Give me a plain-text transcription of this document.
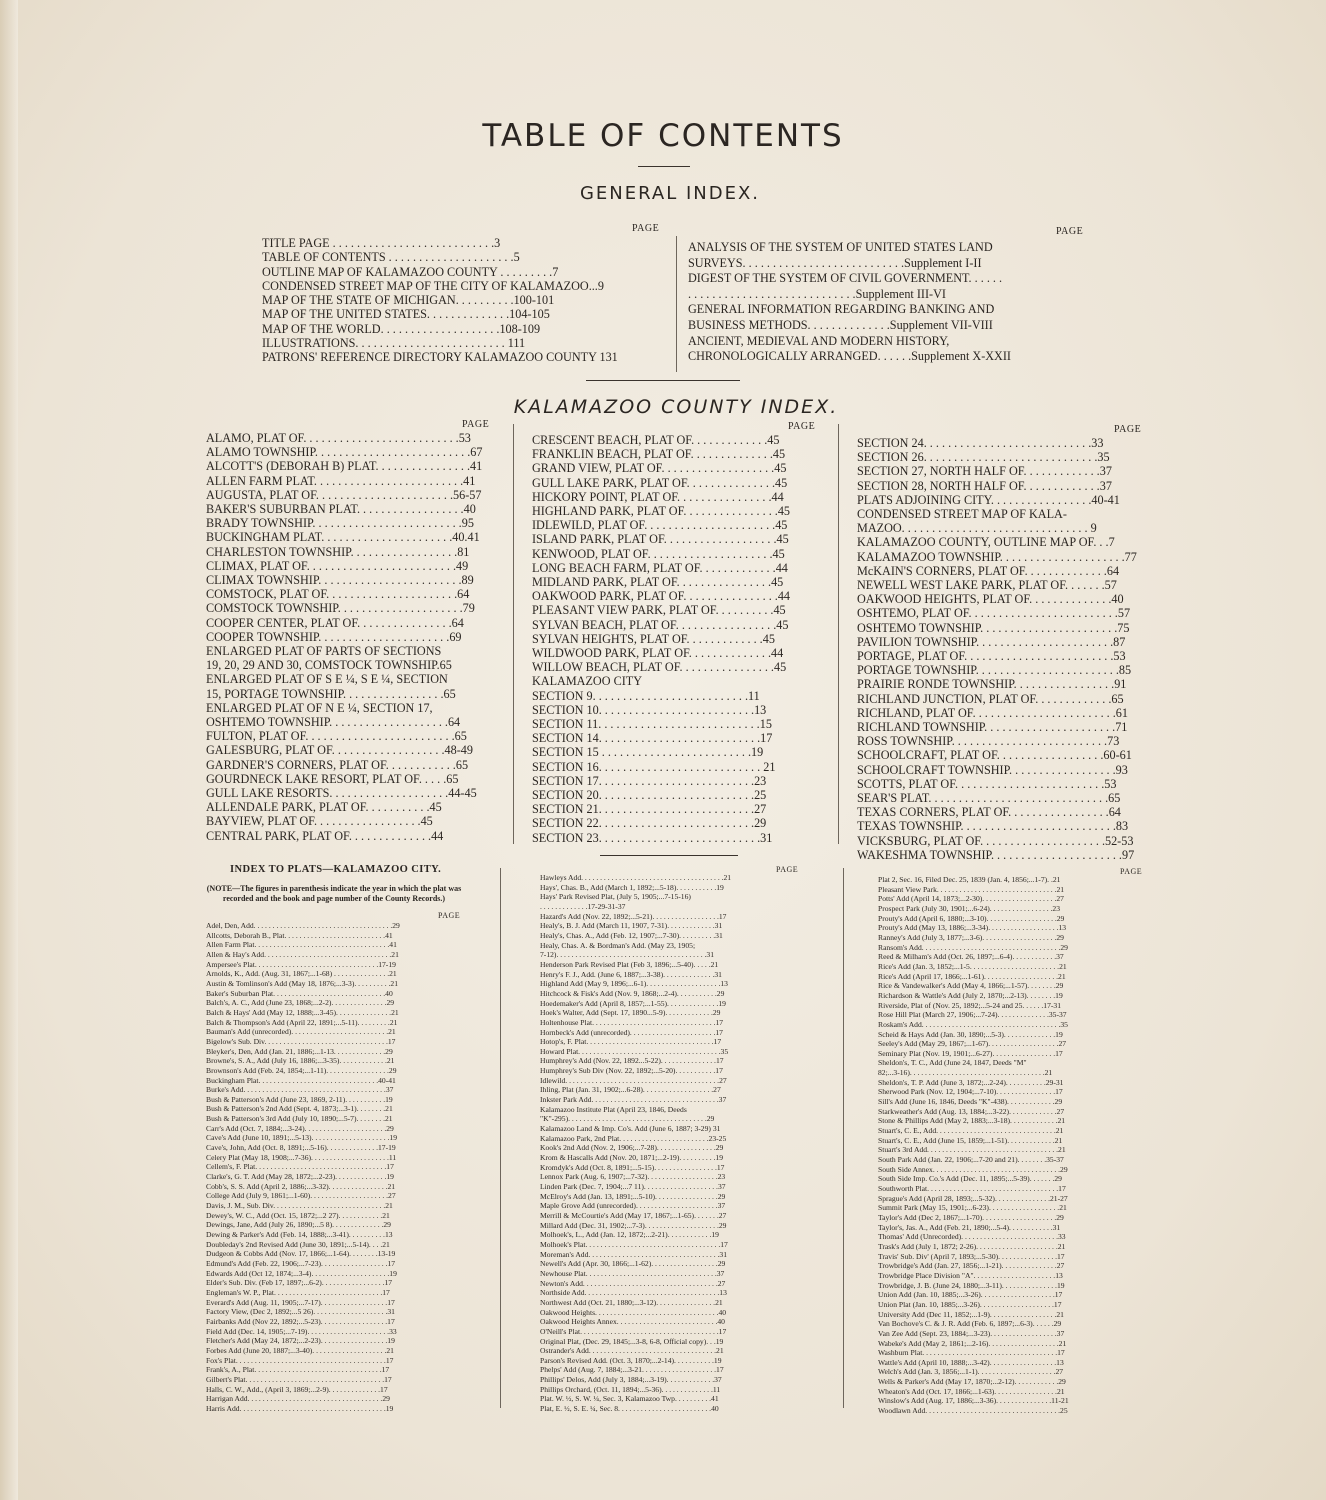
TABLE OF CONTENTS
GENERAL INDEX.
PAGE	PAGE
TITLE PAGE . . . . . . . . . . . . . . . . . . . . . . . . . . .3
TABLE OF CONTENTS . . . . . . . . . . . . . . . . . . . . .5
OUTLINE MAP OF KALAMAZOO COUNTY . . . . . . . . .7
CONDENSED STREET MAP OF THE CITY OF KALAMAZOO...9
MAP OF THE STATE OF MICHIGAN. . . . . . . . . .100-101
MAP OF THE UNITED STATES. . . . . . . . . . . . . .104-105
MAP OF THE WORLD. . . . . . . . . . . . . . . . . . . .108-109
ILLUSTRATIONS. . . . . . . . . . . . . . . . . . . . . . . . . 111
PATRONS' REFERENCE DIRECTORY KALAMAZOO COUNTY 131
ANALYSIS OF THE SYSTEM OF UNITED STATES LAND
SURVEYS. . . . . . . . . . . . . . . . . . . . . . . . . . .Supplement I-II
DIGEST OF THE SYSTEM OF CIVIL GOVERNMENT. . . . . .
. . . . . . . . . . . . . . . . . . . . . . . . . . . .Supplement III-VI
GENERAL INFORMATION REGARDING BANKING AND
BUSINESS METHODS. . . . . . . . . . . . . .Supplement VII-VIII
ANCIENT, MEDIEVAL AND MODERN HISTORY,
CHRONOLOGICALLY ARRANGED. . . . . .Supplement X-XXII
KALAMAZOO COUNTY INDEX.
PAGE	PAGE	PAGE
ALAMO, PLAT OF. . . . . . . . . . . . . . . . . . . . . . . . . .53
ALAMO TOWNSHIP. . . . . . . . . . . . . . . . . . . . . . . . . .67
ALCOTT'S (DEBORAH B) PLAT. . . . . . . . . . . . . . . .41
ALLEN FARM PLAT. . . . . . . . . . . . . . . . . . . . . . . . .41
AUGUSTA, PLAT OF. . . . . . . . . . . . . . . . . . . . . . .56-57
BAKER'S SUBURBAN PLAT. . . . . . . . . . . . . . . . . .40
BRADY TOWNSHIP. . . . . . . . . . . . . . . . . . . . . . . . .95
BUCKINGHAM PLAT. . . . . . . . . . . . . . . . . . . . . .40.41
CHARLESTON TOWNSHIP. . . . . . . . . . . . . . . . . .81
CLIMAX, PLAT OF. . . . . . . . . . . . . . . . . . . . . . . . .49
CLIMAX TOWNSHIP. . . . . . . . . . . . . . . . . . . . . . . .89
COMSTOCK, PLAT OF. . . . . . . . . . . . . . . . . . . . . .64
COMSTOCK TOWNSHIP. . . . . . . . . . . . . . . . . . . . .79
COOPER CENTER, PLAT OF. . . . . . . . . . . . . . . .64
COOPER TOWNSHIP. . . . . . . . . . . . . . . . . . . . . .69
ENLARGED PLAT OF PARTS OF SECTIONS
19, 20, 29 AND 30, COMSTOCK TOWNSHIP.65
ENLARGED PLAT OF S E ¼, S E ¼, SECTION
15, PORTAGE TOWNSHIP. . . . . . . . . . . . . . . . .65
ENLARGED PLAT OF N E ¼, SECTION 17,
OSHTEMO TOWNSHIP. . . . . . . . . . . . . . . . . . . .64
FULTON, PLAT OF. . . . . . . . . . . . . . . . . . . . . . . . .65
GALESBURG, PLAT OF. . . . . . . . . . . . . . . . . . .48-49
GARDNER'S CORNERS, PLAT OF. . . . . . . . . . . .65
GOURDNECK LAKE RESORT, PLAT OF. . . . .65
GULL LAKE RESORTS. . . . . . . . . . . . . . . . . . . .44-45
ALLENDALE PARK, PLAT OF. . . . . . . . . . .45
BAYVIEW, PLAT OF. . . . . . . . . . . . . . . . . .45
CENTRAL PARK, PLAT OF. . . . . . . . . . . . . .44
CRESCENT BEACH, PLAT OF. . . . . . . . . . . . .45
FRANKLIN BEACH, PLAT OF. . . . . . . . . . . . . .45
GRAND VIEW, PLAT OF. . . . . . . . . . . . . . . . . . .45
GULL LAKE PARK, PLAT OF. . . . . . . . . . . . . . .45
HICKORY POINT, PLAT OF. . . . . . . . . . . . . . . .44
HIGHLAND PARK, PLAT OF. . . . . . . . . . . . . . . .45
IDLEWILD, PLAT OF. . . . . . . . . . . . . . . . . . . . . .45
ISLAND PARK, PLAT OF. . . . . . . . . . . . . . . . . . .45
KENWOOD, PLAT OF. . . . . . . . . . . . . . . . . . . . .45
LONG BEACH FARM, PLAT OF. . . . . . . . . . . . .44
MIDLAND PARK, PLAT OF. . . . . . . . . . . . . . . .45
OAKWOOD PARK, PLAT OF. . . . . . . . . . . . . . . .44
PLEASANT VIEW PARK, PLAT OF. . . . . . . . . .45
SYLVAN BEACH, PLAT OF. . . . . . . . . . . . . . . . .45
SYLVAN HEIGHTS, PLAT OF. . . . . . . . . . . . .45
WILDWOOD PARK, PLAT OF. . . . . . . . . . . . . .44
WILLOW BEACH, PLAT OF. . . . . . . . . . . . . . . .45
KALAMAZOO CITY
SECTION 9. . . . . . . . . . . . . . . . . . . . . . . . . .11
SECTION 10. . . . . . . . . . . . . . . . . . . . . . . . . .13
SECTION 11. . . . . . . . . . . . . . . . . . . . . . . . . . .15
SECTION 14. . . . . . . . . . . . . . . . . . . . . . . . . . .17
SECTION 15 . . . . . . . . . . . . . . . . . . . . . . . . .19
SECTION 16. . . . . . . . . . . . . . . . . . . . . . . . . . . 21
SECTION 17. . . . . . . . . . . . . . . . . . . . . . . . . .23
SECTION 20. . . . . . . . . . . . . . . . . . . . . . . . . .25
SECTION 21. . . . . . . . . . . . . . . . . . . . . . . . . .27
SECTION 22. . . . . . . . . . . . . . . . . . . . . . . . . .29
SECTION 23. . . . . . . . . . . . . . . . . . . . . . . . . . .31
SECTION 24. . . . . . . . . . . . . . . . . . . . . . . . . . . .33
SECTION 26. . . . . . . . . . . . . . . . . . . . . . . . . . . . .35
SECTION 27, NORTH HALF OF. . . . . . . . . . . . .37
SECTION 28, NORTH HALF OF. . . . . . . . . . . . .37
PLATS ADJOINING CITY. . . . . . . . . . . . . . . . .40-41
CONDENSED STREET MAP OF KALA-
MAZOO. . . . . . . . . . . . . . . . . . . . . . . . . . . . . . . 9
KALAMAZOO COUNTY, OUTLINE MAP OF. . .7
KALAMAZOO TOWNSHIP. . . . . . . . . . . . . . . . . . . . .77
McKAIN'S CORNERS, PLAT OF. . . . . . . . . . . . . .64
NEWELL WEST LAKE PARK, PLAT OF. . . . . . .57
OAKWOOD HEIGHTS, PLAT OF. . . . . . . . . . . . . .40
OSHTEMO, PLAT OF. . . . . . . . . . . . . . . . . . . . . . . . .57
OSHTEMO TOWNSHIP. . . . . . . . . . . . . . . . . . . . . . .75
PAVILION TOWNSHIP. . . . . . . . . . . . . . . . . . . . . . .87
PORTAGE, PLAT OF. . . . . . . . . . . . . . . . . . . . . . . . .53
PORTAGE TOWNSHIP. . . . . . . . . . . . . . . . . . . . . . . .85
PRAIRIE RONDE TOWNSHIP. . . . . . . . . . . . . . . . .91
RICHLAND JUNCTION, PLAT OF. . . . . . . . . . . . .65
RICHLAND, PLAT OF. . . . . . . . . . . . . . . . . . . . . . . .61
RICHLAND TOWNSHIP. . . . . . . . . . . . . . . . . . . . . .71
ROSS TOWNSHIP. . . . . . . . . . . . . . . . . . . . . . . . . .73
SCHOOLCRAFT, PLAT OF. . . . . . . . . . . . . . . . . .60-61
SCHOOLCRAFT TOWNSHIP. . . . . . . . . . . . . . . . . .93
SCOTTS, PLAT OF. . . . . . . . . . . . . . . . . . . . . . . . .53
SEAR'S PLAT. . . . . . . . . . . . . . . . . . . . . . . . . . . . . .65
TEXAS CORNERS, PLAT OF. . . . . . . . . . . . . . . . .64
TEXAS TOWNSHIP. . . . . . . . . . . . . . . . . . . . . . . . . .83
VICKSBURG, PLAT OF. . . . . . . . . . . . . . . . . . . . .52-53
WAKESHMA TOWNSHIP. . . . . . . . . . . . . . . . . . . . . .97
INDEX TO PLATS—KALAMAZOO CITY.
(NOTE—The figures in parenthesis indicate the year in which the plat was recorded and the book and page number of the County Records.)
PAGE
PAGE	PAGE
Adel, Den, Add. . . . . . . . . . . . . . . . . . . . . . . . . . . . . . . . . . . . .29
Allcotts, Deborah B., Plat. . . . . . . . . . . . . . . . . . . . . . . . . . .41
Allen Farm Plat. . . . . . . . . . . . . . . . . . . . . . . . . . . . . . . . . . . .41
Allen & Hay's Add. . . . . . . . . . . . . . . . . . . . . . . . . . . . . . . . . .21
Ampersee's Plat. . . . . . . . . . . . . . . . . . . . . . . . . . . . . . . . .17-19
Arnolds, K., Add. (Aug. 31, 1867;...1-68) . . . . . . . . . . . . . . .21
Austin & Tomlinson's Add (May 18, 1876;...3-3). . . . . . . . . .21
Baker's Suburban Plat. . . . . . . . . . . . . . . . . . . . . . . . . . . . . .40
Balch's, A. C., Add (June 23, 1868;...2-2). . . . . . . . . . . . . . .29
Balch & Hays' Add (May 12, 1888;...3-45). . . . . . . . . . . . . . .21
Balch & Thompson's Add (April 22, 1891;...5-11). . . . . . . . .21
Bauman's Add (unrecorded). . . . . . . . . . . . . . . . . . . . . . . . . .21
Bigelow's Sub. Div. . . . . . . . . . . . . . . . . . . . . . . . . . . . . . . . .17
Bleyker's, Den, Add (Jan. 21, 1886;...1-13. . . . . . . . . . . . . .29
Browne's, S. A., Add (July 16, 1886;...3-35). . . . . . . . . . . . .21
Brownson's Add (Feb. 24, 1854;...1-11). . . . . . . . . . . . . . . . .29
Buckingham Plat. . . . . . . . . . . . . . . . . . . . . . . . . . . . . . . .40-41
Burke's Add. . . . . . . . . . . . . . . . . . . . . . . . . . . . . . . . . . . . . .37
Bush & Patterson's Add (June 23, 1869, 2-11). . . . . . . . . . .19
Bush & Patterson's 2nd Add (Sept. 4, 1873;...3-1). . . . . . . .21
Bush & Patterson's 3rd Add (July 10, 1890;...5-7). . . . . . . .21
Carr's Add (Oct. 7, 1884;...3-24). . . . . . . . . . . . . . . . . . . . . .29
Cave's Add (June 10, 1891;...5-13). . . . . . . . . . . . . . . . . . . . .19
Cave's, John, Add (Oct. 8, 1891;...5-16). . . . . . . . . . . . . .17-19
Celery Plat (May 18, 1908;...7-36). . . . . . . . . . . . . . . . . . . . .11
Cellem's, F. Plat. . . . . . . . . . . . . . . . . . . . . . . . . . . . . . . . . . .17
Clarke's, G. T. Add (May 28, 1872;...2-23). . . . . . . . . . . . . .19
Cobb's, S. S. Add (April 2, 1886;...3-32). . . . . . . . . . . . . . . .21
College Add (July 9, 1861;...1-60). . . . . . . . . . . . . . . . . . . . .27
Davis, J. M., Sub. Div. . . . . . . . . . . . . . . . . . . . . . . . . . . . . .21
Dewey's, W. C., Add (Oct. 15, 1872;...2 27). . . . . . . . . . . .21
Dewings, Jane, Add (July 26, 1890;...5 8). . . . . . . . . . . . . .29
Dewing & Parker's Add (Feb. 14, 1888;...3-41). . . . . . . . . .13
Doubleday's 2nd Revised Add (June 30, 1891;...5-14). . . .21
Dudgeon & Cobbs Add (Nov. 17, 1866;...1-64). . . . . . . .13-19
Edmund's Add (Feb. 22, 1906;...7-23). . . . . . . . . . . . . . . . . .17
Edwards Add (Oct 12, 1874;...3-4). . . . . . . . . . . . . . . . . . . . .19
Elder's Sub. Div. (Feb 17, 1897;...6-2). . . . . . . . . . . . . . . . .17
Engleman's W. P., Plat. . . . . . . . . . . . . . . . . . . . . . . . . . . . .17
Everard's Add (Aug. 11, 1905;...7-17). . . . . . . . . . . . . . . . . .17
Factory View, (Dec 2, 1892;...5 26). . . . . . . . . . . . . . . . . . . .31
Fairbanks Add (Nov 22, 1892;...5-23). . . . . . . . . . . . . . . . . .17
Field Add (Dec. 14, 1905;...7-19). . . . . . . . . . . . . . . . . . . . . .33
Fletcher's Add (May 24, 1872;...2-23). . . . . . . . . . . . . . . . . .19
Forbes Add (June 20, 1887;...3-40). . . . . . . . . . . . . . . . . . . .21
Fox's Plat. . . . . . . . . . . . . . . . . . . . . . . . . . . . . . . . . . . . . . . .17
Frank's, A., Plat. . . . . . . . . . . . . . . . . . . . . . . . . . . . . . . . . .17
Gilbert's Plat. . . . . . . . . . . . . . . . . . . . . . . . . . . . . . . . . . . . .17
Halls, C. W., Add., (April 3, 1869;...2-9). . . . . . . . . . . . . .17
Harrigan Add. . . . . . . . . . . . . . . . . . . . . . . . . . . . . . . . . . . .29
Harris Add. . . . . . . . . . . . . . . . . . . . . . . . . . . . . . . . . . . . . . .19
Hawleys Add. . . . . . . . . . . . . . . . . . . . . . . . . . . . . . . . . . . . . .21
Hays', Chas. B., Add (March 1, 1892;...5-18). . . . . . . . . . .19
Hays' Park Revised Plat, (July 5, 1905;...7-15-16)
. . . . . . . . . . . . .17-29-31-37
Hazard's Add (Nov. 22, 1892;...5-21). . . . . . . . . . . . . . . . . .17
Healy's, B. J. Add (March 11, 1907, 7-31). . . . . . . . . . . . .31
Healy's, Chas. A., Add (Feb. 12, 1907;...7-30). . . . . . . . . .31
Healy, Chas. A. & Bordman's Add. (May 23, 1905;
7-12). . . . . . . . . . . . . . . . . . . . . . . . . . . . . . . . . . . . . . . .31
Henderson Park Revised Plat (Feb 3, 1896;...5-40). . . . .21
Henry's F. J., Add. (June 6, 1887;...3-38). . . . . . . . . . . . . .31
Highland Add (May 9, 1896;...6-1). . . . . . . . . . . . . . . . . . . .13
Hitchcock & Fisk's Add (Nov. 9, 1868;...2-4). . . . . . . . . . .29
Hoedemaker's Add (April 8, 1857;...1-55). . . . . . . . . . . . . .19
Hoek's Walter, Add (Sept. 17, 1890...5-9). . . . . . . . . . . . .29
Holtenhouse Plat. . . . . . . . . . . . . . . . . . . . . . . . . . . . . . . . .17
Hornbeck's Add (unrecorded). . . . . . . . . . . . . . . . . . . . . . .17
Hotop's, F. Plat. . . . . . . . . . . . . . . . . . . . . . . . . . . . . . . . . .17
Howard Plat. . . . . . . . . . . . . . . . . . . . . . . . . . . . . . . . . . . . . .35
Humphrey's Add (Nov. 22, 1892...5-22). . . . . . . . . . . . . . .17
Humphrey's Sub Div (Nov. 22, 1892;...5-20). . . . . . . . . . .17
Idlewild. . . . . . . . . . . . . . . . . . . . . . . . . . . . . . . . . . . . . . . . .27
Ihling, Plat (Jan. 31, 1902;...6-28). . . . . . . . . . . . . . . . . . .27
Inkster Park Add. . . . . . . . . . . . . . . . . . . . . . . . . . . . . . . . . .37
Kalamazoo Institute Plat (April 23, 1846, Deeds
"K"-295). . . . . . . . . . . . . . . . . . . . . . . . . . . . . . . . . . . . .29
Kalamazoo Land & Imp. Co's. Add (June 6, 1887; 3-29) 31
Kalamazoo Park, 2nd Plat. . . . . . . . . . . . . . . . . . . . . . . .23-25
Kook's 2nd Add (Nov. 2, 1906;...7-28). . . . . . . . . . . . . . . .29
Krom & Hascalls Add (Nov. 20, 1871;...2-19). . . . . . . . . .19
Kromdyk's Add (Oct. 8, 1891;...5-15). . . . . . . . . . . . . . . . .17
Lennox Park (Aug. 6, 1907;...7-32). . . . . . . . . . . . . . . . . . .23
Linden Park (Dec. 7, 1904;...7 11). . . . . . . . . . . . . . . . . . . .37
McElroy's Add (Jan. 13, 1891;...5-10). . . . . . . . . . . . . . . . .29
Maple Grove Add (unrecorded). . . . . . . . . . . . . . . . . . . . . .37
Merrill & McCourtie's Add (May 17, 1867;...1-65). . . . . . .27
Millard Add (Dec. 31, 1902;...7-3). . . . . . . . . . . . . . . . . . . .29
Molhoek's, L., Add (Jan. 12, 1872;...2-21). . . . . . . . . . . .19
Molhoek's Plat. . . . . . . . . . . . . . . . . . . . . . . . . . . . . . . . . . . .17
Moreman's Add. . . . . . . . . . . . . . . . . . . . . . . . . . . . . . . . . . .31
Newell's Add (Apr. 30, 1866;...1-62). . . . . . . . . . . . . . . . . .29
Newhouse Plat. . . . . . . . . . . . . . . . . . . . . . . . . . . . . . . . . . .37
Newton's Add. . . . . . . . . . . . . . . . . . . . . . . . . . . . . . . . . . . .27
Northside Add. . . . . . . . . . . . . . . . . . . . . . . . . . . . . . . . . . . .13
Northwest Add (Oct. 21, 1880;...3-12). . . . . . . . . . . . . . . .21
Oakwood Heights. . . . . . . . . . . . . . . . . . . . . . . . . . . . . . . . .40
Oakwood Heights Annex. . . . . . . . . . . . . . . . . . . . . . . . . . .40
O'Neill's Plat. . . . . . . . . . . . . . . . . . . . . . . . . . . . . . . . . . . . .17
Original Plat, (Dec. 29, 1845;...3-8, 6-8, Official copy). . .19
Ostrander's Add. . . . . . . . . . . . . . . . . . . . . . . . . . . . . . . . . .21
Parson's Revised Add. (Oct. 3, 1870;...2-14). . . . . . . . . . .19
Phelps' Add (Aug. 7, 1884;...3-21. . . . . . . . . . . . . . . . . . . .17
Phillips' Delos, Add (July 3, 1884;...3-19). . . . . . . . . . . . .37
Phillips Orchard, (Oct. 11, 1894;...5-36). . . . . . . . . . . . . .11
Plat. W. ½, S. W. ¼, Sec. 3, Kalamazoo Twp. . . . . . . . . .41
Plat, E. ½, S. E. ¼, Sec. 8. . . . . . . . . . . . . . . . . . . . . . . . .40
Plat 2, Sec. 16, Filed Dec. 25, 1839 (Jan. 4, 1856;...1-7). .21
Pleasant View Park. . . . . . . . . . . . . . . . . . . . . . . . . . . . . . . .21
Potts' Add (April 14, 1873;...2-30). . . . . . . . . . . . . . . . . . . .27
Prospect Park (July 30, 1901;...6-24). . . . . . . . . . . . . . . . .23
Prouty's Add (April 6, 1880;...3-10). . . . . . . . . . . . . . . . . . .29
Prouty's Add (May 13, 1886;...3-34). . . . . . . . . . . . . . . . . . .13
Ranney's Add (July 3, 1877;...3-6). . . . . . . . . . . . . . . . . . . .29
Ransom's Add. . . . . . . . . . . . . . . . . . . . . . . . . . . . . . . . . . . . .29
Reed & Milham's Add (Oct. 26, 1897;...6-4). . . . . . . . . . . .37
Rice's Add (Jan. 3, 1852;...1-5. . . . . . . . . . . . . . . . . . . . . . . .21
Rice's Add (April 17, 1866;...1-61). . . . . . . . . . . . . . . . . . . .21
Rice & Vandewalker's Add (May 4, 1866;...1-57). . . . . . . .29
Richardson & Wattle's Add (July 2, 1870;...2-13). . . . . . . .19
Riverside, Plat of (Nov. 25, 1892;...5-24 and 25. . . . . .17-31
Rose Hill Plat (March 27, 1906;...7-24). . . . . . . . . . . . . .35-37
Roskam's Add. . . . . . . . . . . . . . . . . . . . . . . . . . . . . . . . . . . . .35
Scheid & Hays Add (Jan. 30, 1890;...5-3). . . . . . . . . . . . . .19
Seeley's Add (May 29, 1867;...1-67). . . . . . . . . . . . . . . . . . .27
Seminary Plat (Nov. 19, 1901;...6-27). . . . . . . . . . . . . . . . .17
Sheldon's, T. C., Add (June 24, 1847, Deeds "M"
82;...3-16). . . . . . . . . . . . . . . . . . . . . . . . . . . . . . . . . . . .21
Sheldon's, T. P. Add (June 3, 1872;...2-24). . . . . . . . . . .29-31
Sherwood Park (Nov. 12, 1904;...7-10). . . . . . . . . . . . . . . .17
Sill's Add (June 16, 1846, Deeds "K"-438). . . . . . . . . . . . .29
Starkweather's Add (Aug. 13, 1884;...3-22). . . . . . . . . . . . .27
Stone & Phillips Add (May 2, 1883;...3-18). . . . . . . . . . . . .21
Stuart's, C. E., Add. . . . . . . . . . . . . . . . . . . . . . . . . . . . . . . .21
Stuart's, C. E., Add (June 15, 1859;...1-51). . . . . . . . . . . . .21
Stuart's 3rd Add. . . . . . . . . . . . . . . . . . . . . . . . . . . . . . . . . . .21
South Park Add (Jan. 22, 1906;...7-20 and 21). . . . . . . .35-37
South Side Annex. . . . . . . . . . . . . . . . . . . . . . . . . . . . . . . . . .29
South Side Imp. Co.'s Add (Dec. 11, 1895;...5-39). . . . . . .29
Southworth Plat. . . . . . . . . . . . . . . . . . . . . . . . . . . . . . . . . . .17
Sprague's Add (April 28, 1893;...5-32). . . . . . . . . . . . . . .21-27
Summit Park (May 15, 1901;...6-23). . . . . . . . . . . . . . . . . . .21
Taylor's Add (Dec 2, 1867;...1-70). . . . . . . . . . . . . . . . . . . .29
Taylor's, Jas. A., Add (Feb. 21, 1890;...5-4). . . . . . . . . . . .31
Thomas' Add (Unrecorded). . . . . . . . . . . . . . . . . . . . . . . . . .33
Trask's Add (July 1, 1872; 2-26). . . . . . . . . . . . . . . . . . . . . .21
Travis' Sub. Div' (April 7, 1893;...5-30). . . . . . . . . . . . . . . .17
Trowbridge's Add (Jan. 27, 1856;...1-21). . . . . . . . . . . . . . .27
Trowbridge Place Division "A". . . . . . . . . . . . . . . . . . . . . .13
Trowbridge, J. B. (June 24, 1880;...3-11). . . . . . . . . . . . . . .19
Union Add (Jan. 10, 1885;...3-26). . . . . . . . . . . . . . . . . . . .17
Union Plat (Jan. 10, 1885;...3-26). . . . . . . . . . . . . . . . . . . .17
University Add (Dec 11, 1852;...1-9). . . . . . . . . . . . . . . . . .21
Van Bochove's C. & J. R. Add (Feb. 6, 1897;...6-3). . . . . .29
Van Zee Add (Sept. 23, 1884;...3-23). . . . . . . . . . . . . . . . . .37
Wabeke's Add (May 2, 1861;...2-16). . . . . . . . . . . . . . . . . . .21
Washburn Plat. . . . . . . . . . . . . . . . . . . . . . . . . . . . . . . . . . . .17
Wattle's Add (April 10, 1888;...3-42). . . . . . . . . . . . . . . . . .13
Welch's Add (Jan. 3, 1856;...1-1). . . . . . . . . . . . . . . . . . . . .27
Wells & Parker's Add (May 17, 1870;...2-12). . . . . . . . . . . .29
Wheaton's Add (Oct. 17, 1866;...1-63). . . . . . . . . . . . . . . . .21
Winslow's Add (Aug. 17, 1886;...3-36). . . . . . . . . . . . . . .11-21
Woodlawn Add. . . . . . . . . . . . . . . . . . . . . . . . . . . . . . . . . . . .25
